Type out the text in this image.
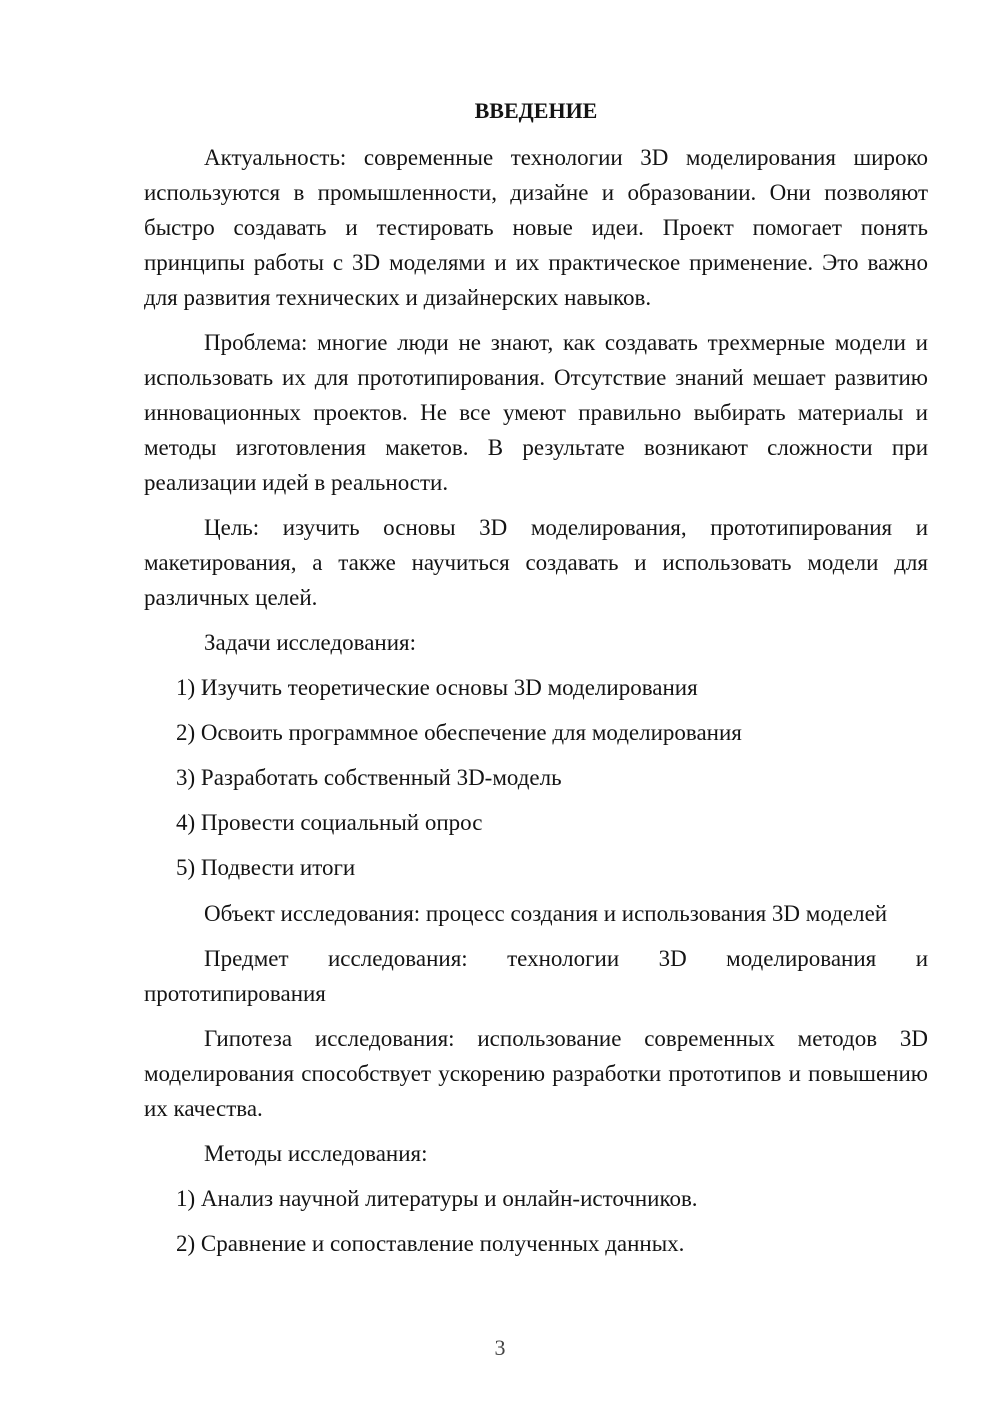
ВВЕДЕНИЕ

Актуальность: современные технологии 3D моделирования широко используются в промышленности, дизайне и образовании. Они позволяют быстро создавать и тестировать новые идеи. Проект помогает понять принципы работы с 3D моделями и их практическое применение. Это важно для развития технических и дизайнерских навыков.

Проблема: многие люди не знают, как создавать трехмерные модели и использовать их для прототипирования. Отсутствие знаний мешает развитию инновационных проектов. Не все умеют правильно выбирать материалы и методы изготовления макетов. В результате возникают сложности при реализации идей в реальности.

Цель: изучить основы 3D моделирования, прототипирования и макетирования, а также научиться создавать и использовать модели для различных целей.

Задачи исследования:

1) Изучить теоретические основы 3D моделирования
2) Освоить программное обеспечение для моделирования
3) Разработать собственный 3D-модель
4) Провести социальный опрос
5) Подвести итоги

Объект исследования: процесс создания и использования 3D моделей

Предмет исследования: технологии 3D моделирования и прототипирования

Гипотеза исследования: использование современных методов 3D моделирования способствует ускорению разработки прототипов и повышению их качества.

Методы исследования:

1) Анализ научной литературы и онлайн-источников.
2) Сравнение и сопоставление полученных данных.
3
